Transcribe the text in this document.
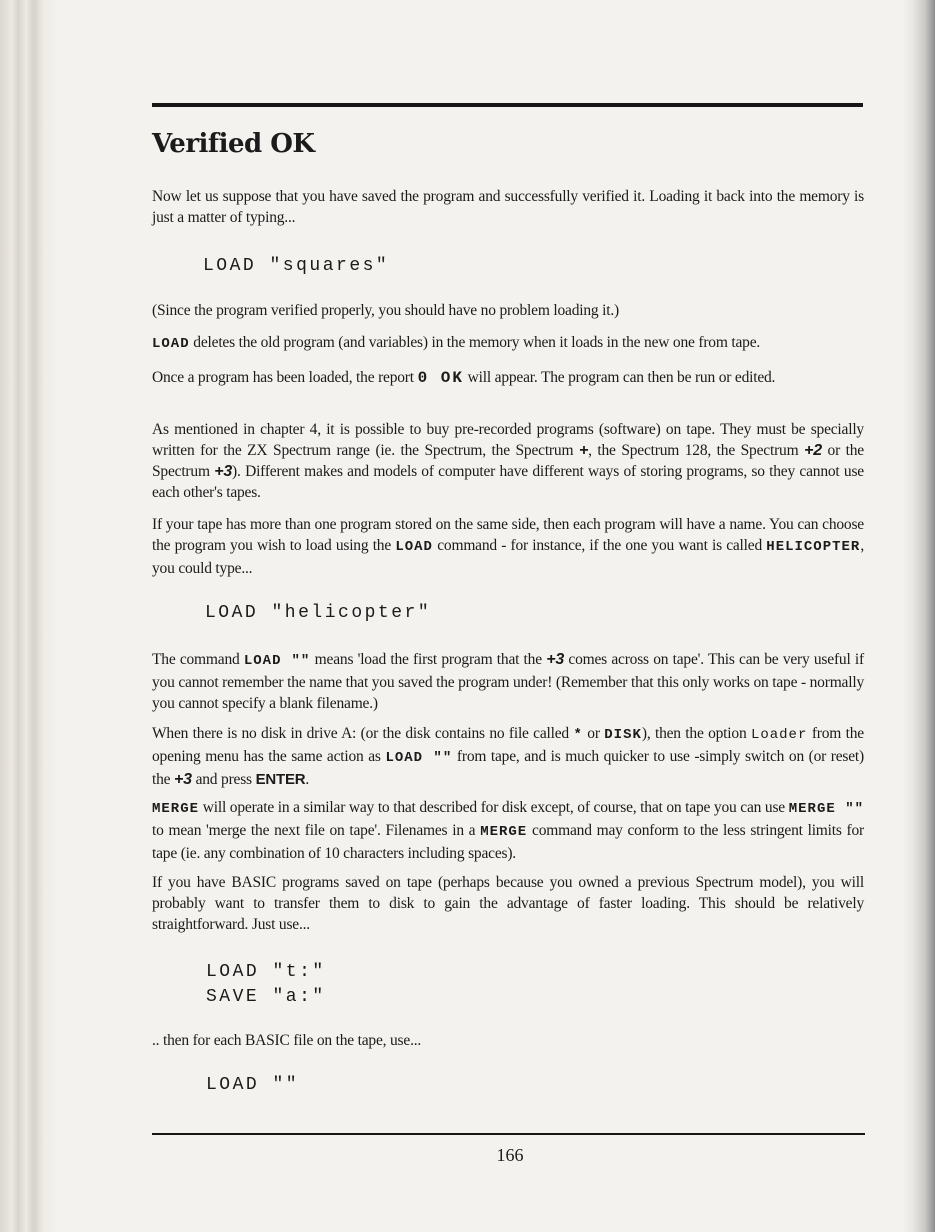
Verified OK

Now let us suppose that you have saved the program and successfully verified it. Loading it back into the memory is just a matter of typing...

LOAD "squares"

(Since the program verified properly, you should have no problem loading it.)

LOAD deletes the old program (and variables) in the memory when it loads in the new one from tape.

Once a program has been loaded, the report 0 OK will appear. The program can then be run or edited.

As mentioned in chapter 4, it is possible to buy pre-recorded programs (software) on tape. They must be specially written for the ZX Spectrum range (ie. the Spectrum, the Spectrum +, the Spectrum 128, the Spectrum +2 or the Spectrum +3). Different makes and models of computer have different ways of storing programs, so they cannot use each other's tapes.

If your tape has more than one program stored on the same side, then each program will have a name. You can choose the program you wish to load using the LOAD command - for instance, if the one you want is called HELICOPTER, you could type...

LOAD "helicopter"

The command LOAD "" means 'load the first program that the +3 comes across on tape'. This can be very useful if you cannot remember the name that you saved the program under! (Remember that this only works on tape - normally you cannot specify a blank filename.)

When there is no disk in drive A: (or the disk contains no file called * or DISK), then the option Loader from the opening menu has the same action as LOAD "" from tape, and is much quicker to use -simply switch on (or reset) the +3 and press ENTER.

MERGE will operate in a similar way to that described for disk except, of course, that on tape you can use MERGE "" to mean 'merge the next file on tape'. Filenames in a MERGE command may conform to the less stringent limits for tape (ie. any combination of 10 characters including spaces).

If you have BASIC programs saved on tape (perhaps because you owned a previous Spectrum model), you will probably want to transfer them to disk to gain the advantage of faster loading. This should be relatively straightforward. Just use...

LOAD "t:"
SAVE "a:"

.. then for each BASIC file on the tape, use...

LOAD ""

166
